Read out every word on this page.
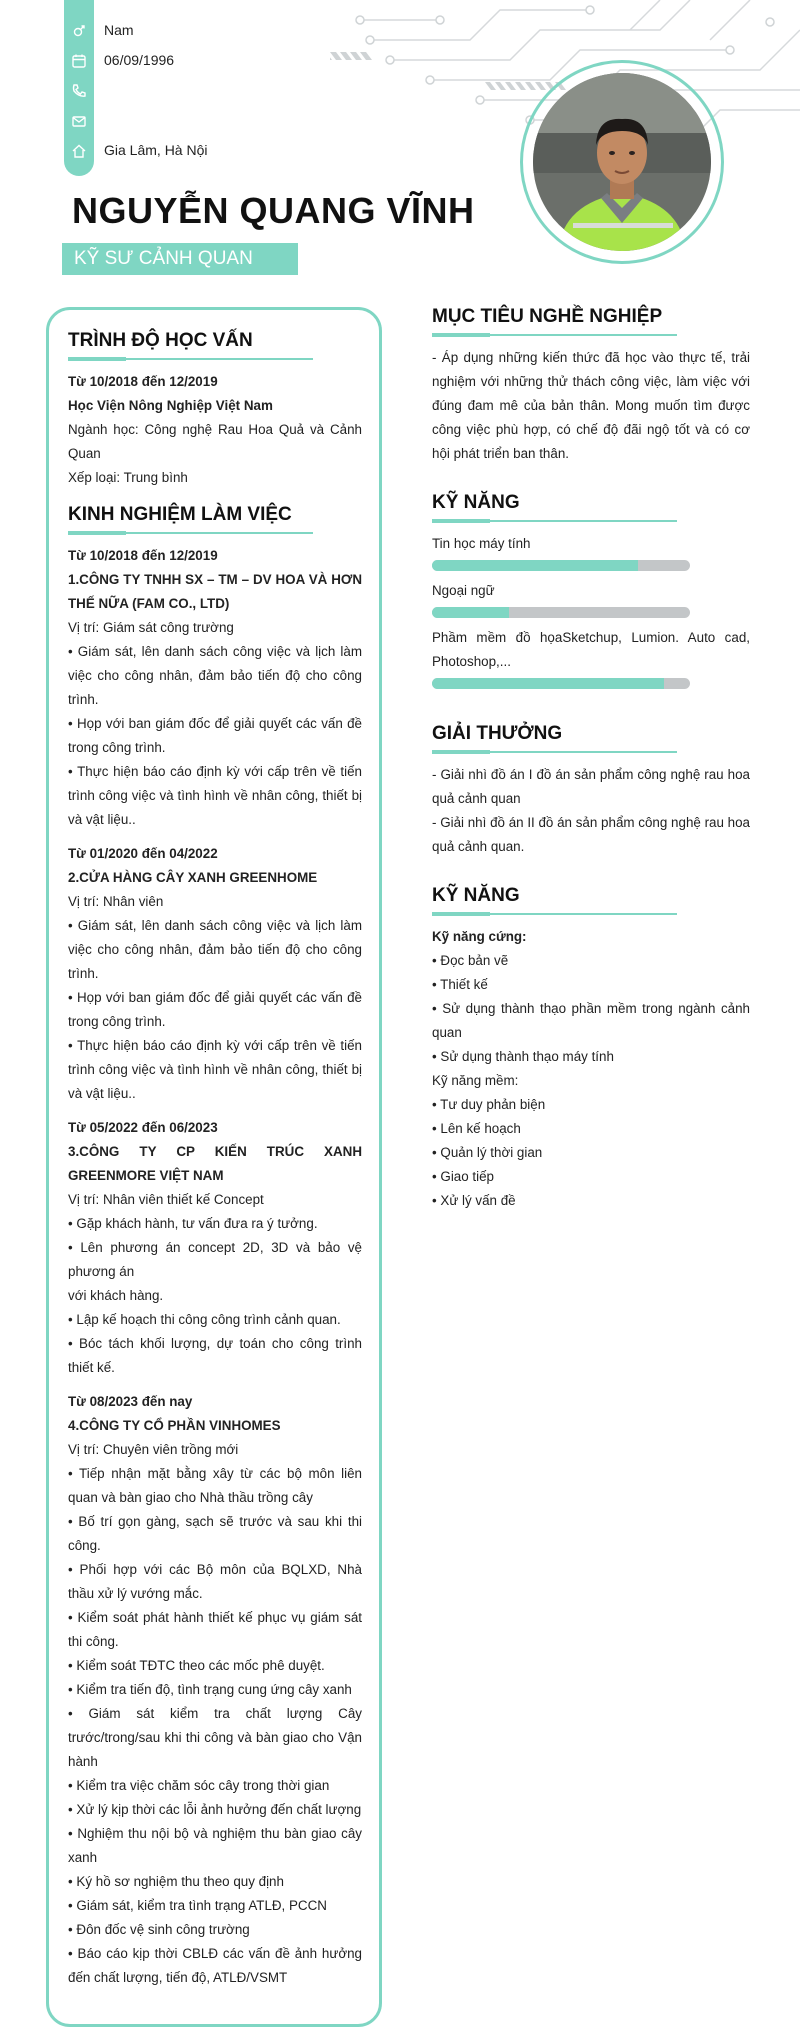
Nam
06/09/1996
Gia Lâm, Hà Nội
NGUYỄN QUANG VĨNH
KỸ SƯ CẢNH QUAN
TRÌNH ĐỘ HỌC VẤN

Từ 10/2018 đến 12/2019

Học Viện Nông Nghiệp Việt Nam

Ngành học: Công nghệ Rau Hoa Quả và Cảnh Quan

Xếp loại: Trung bình

KINH NGHIỆM LÀM VIỆC

Từ 10/2018 đến 12/2019

1.CÔNG TY TNHH SX – TM – DV HOA VÀ HƠN THẾ NỮA (FAM CO., LTD)

Vị trí: Giám sát công trường

• Giám sát, lên danh sách công việc và lịch làm việc cho công nhân, đảm bảo tiến độ cho công trình.

• Họp với ban giám đốc để giải quyết các vấn đề trong công trình.

• Thực hiện báo cáo định kỳ với cấp trên về tiến trình công việc và tình hình về nhân công, thiết bị và vật liệu..

Từ 01/2020 đến 04/2022

2.CỬA HÀNG CÂY XANH GREENHOME

Vị trí: Nhân viên

• Giám sát, lên danh sách công việc và lịch làm việc cho công nhân, đảm bảo tiến độ cho công trình.

• Họp với ban giám đốc để giải quyết các vấn đề trong công trình.

• Thực hiện báo cáo định kỳ với cấp trên về tiến trình công việc và tình hình về nhân công, thiết bị và vật liệu..

Từ 05/2022 đến 06/2023

3.CÔNG TY CP KIẾN TRÚC XANH GREENMORE VIỆT NAM

Vị trí: Nhân viên thiết kế Concept

• Gặp khách hành, tư vấn đưa ra ý tưởng.

• Lên phương án concept 2D, 3D và bảo vệ phương án

với khách hàng.

• Lập kế hoạch thi công công trình cảnh quan.

• Bóc tách khối lượng, dự toán cho công trình thiết kế.

Từ 08/2023 đến nay

4.CÔNG TY CỔ PHẦN VINHOMES

Vị trí: Chuyên viên trồng mới

• Tiếp nhận mặt bằng xây từ các bộ môn liên quan và bàn giao cho Nhà thầu trồng cây

• Bố trí gọn gàng, sạch sẽ trước và sau khi thi công.

• Phối hợp với các Bộ môn của BQLXD, Nhà thầu xử lý vướng mắc.

• Kiểm soát phát hành thiết kế phục vụ giám sát thi công.

• Kiểm soát TĐTC theo các mốc phê duyệt.

• Kiểm tra tiến độ, tình trạng cung ứng cây xanh

• Giám sát kiểm tra chất lượng Cây trước/trong/sau khi thi công và bàn giao cho Vận hành

• Kiểm tra việc chăm sóc cây trong thời gian

• Xử lý kịp thời các lỗi ảnh hưởng đến chất lượng

• Nghiệm thu nội bộ và nghiệm thu bàn giao cây xanh

• Ký hồ sơ nghiệm thu theo quy định

• Giám sát, kiểm tra tình trạng ATLĐ, PCCN

• Đôn đốc vệ sinh công trường

• Báo cáo kịp thời CBLĐ các vấn đề ảnh hưởng đến chất lượng, tiến độ, ATLĐ/VSMT

MỤC TIÊU NGHỀ NGHIỆP

- Áp dụng những kiến thức đã học vào thực tế, trải nghiệm với những thử thách công việc, làm việc với đúng đam mê của bản thân. Mong muốn tìm được công việc phù hợp, có chế độ đãi ngộ tốt và có cơ hội phát triển ban thân.

KỸ NĂNG

Tin học máy tính

Ngoại ngữ

Phầm mềm đồ họaSketchup, Lumion. Auto cad, Photoshop,...

GIẢI THƯỞNG

- Giải nhì đồ án I đồ án sản phẩm công nghệ rau hoa quả cảnh quan

- Giải nhì đồ án II đồ án sản phẩm công nghệ rau hoa quả cảnh quan.

KỸ NĂNG

Kỹ năng cứng:

• Đọc bản vẽ

• Thiết kế

• Sử dụng thành thạo phần mềm trong ngành cảnh quan

• Sử dụng thành thạo máy tính

Kỹ năng mềm:

• Tư duy phản biện

• Lên kế hoạch

• Quản lý thời gian

• Giao tiếp

• Xử lý vấn đề
